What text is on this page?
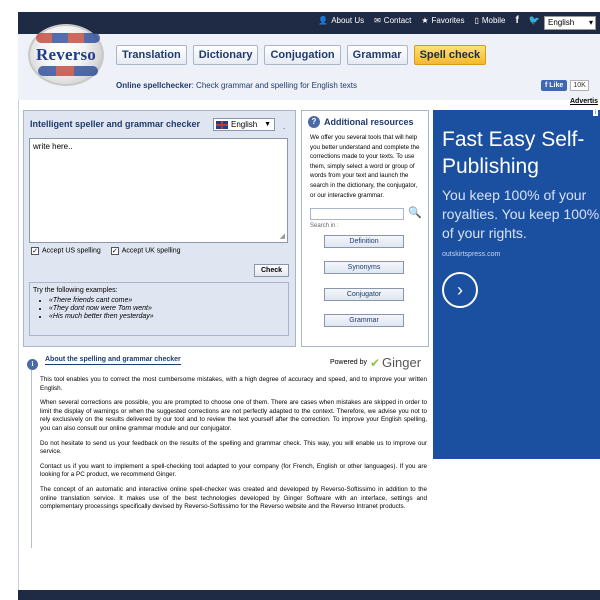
👤 About Us ✉ Contact ★ Favorites ▯ Mobile f 🐦	English ▾
Reverso	Translation	Dictionary	Conjugation	Grammar	Spell check
Online spellchecker: Check grammar and spelling for English texts	f Like	10K
Advertis
Intelligent speller and grammar checker	English ▼ .
write here..
◢
✓ Accept US spelling ✓ Accept UK spelling
Check
Try the following examples:
• «There friends cant come»
• «They dont now were Tom went»
• «His much better then yesterday»
? Additional resources
We offer you several tools that will help you better understand and complete the corrections made to your texts. To use them, simply select a word or group of words from your text and launch the search in the dictionary, the conjugator, or our interactive grammar.
🔍
Search in :
Definition
Synonyms
Conjugator
Grammar
i
About the spelling and grammar checker	Powered by ✔ Ginger

This tool enables you to correct the most cumbersome mistakes, with a high degree of accuracy and speed, and to improve your written English.

When several corrections are possible, you are prompted to choose one of them. There are cases when mistakes are skipped in order to limit the display of warnings or when the suggested corrections are not perfectly adapted to the context. Therefore, we advise you not to rely exclusively on the results delivered by our tool and to review the text yourself after the correction. To improve your English spelling, you can also consult our online grammar module and our conjugator.

Do not hesitate to send us your feedback on the results of the spelling and grammar check. This way, you will enable us to improve our service.

Contact us if you want to implement a spell-checking tool adapted to your company (for French, English or other languages). If you are looking for a PC product, we recommend Ginger.

The concept of an automatic and interactive online spell-checker was created and developed by Reverso-Softissimo in addition to the online translation service. It makes use of the best technologies developed by Ginger Software with an interface, settings and complementary processings specifically devised by Reverso-Softissimo for the Reverso website and the Reverso Intranet products.

i
Fast Easy Self-Publishing
You keep 100% of your royalties. You keep 100% of your rights.
outskirtspress.com
›
